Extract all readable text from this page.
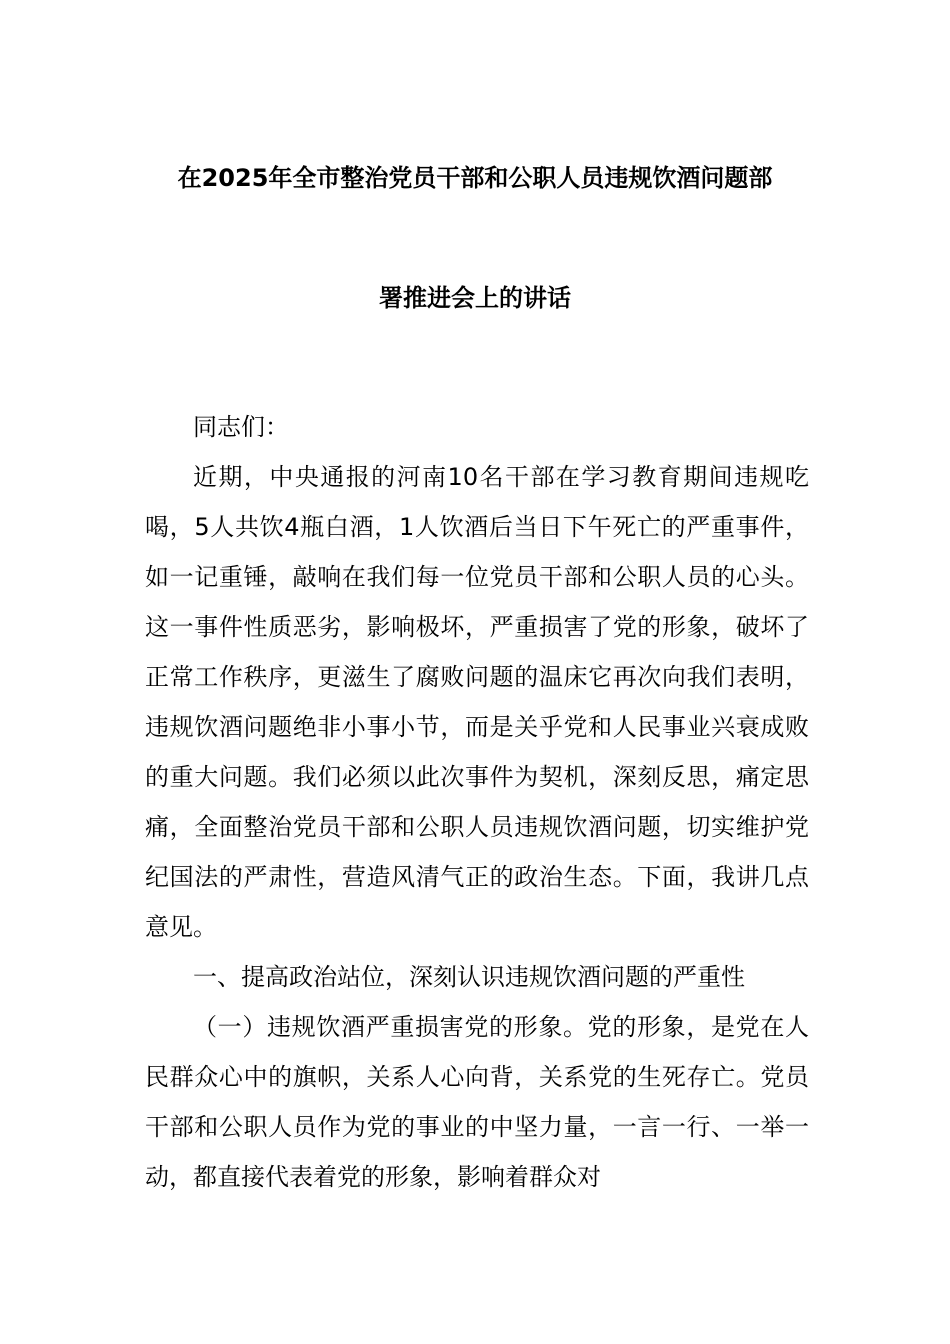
在2025年全市整治党员干部和公职人员违规饮酒问题部
署推进会上的讲话

同志们：

近期，中央通报的河南10名干部在学习教育期间违规吃喝，5人共饮4瓶白酒，1人饮酒后当日下午死亡的严重事件，如一记重锤，敲响在我们每一位党员干部和公职人员的心头。这一事件性质恶劣，影响极坏，严重损害了党的形象，破坏了正常工作秩序，更滋生了腐败问题的温床它再次向我们表明，违规饮酒问题绝非小事小节，而是关乎党和人民事业兴衰成败的重大问题。我们必须以此次事件为契机，深刻反思，痛定思痛，全面整治党员干部和公职人员违规饮酒问题，切实维护党纪国法的严肃性，营造风清气正的政治生态。下面，我讲几点意见。

一、提高政治站位，深刻认识违规饮酒问题的严重性

（一）违规饮酒严重损害党的形象。党的形象，是党在人民群众心中的旗帜，关系人心向背，关系党的生死存亡。党员干部和公职人员作为党的事业的中坚力量，一言一行、一举一动，都直接代表着党的形象，影响着群众对
